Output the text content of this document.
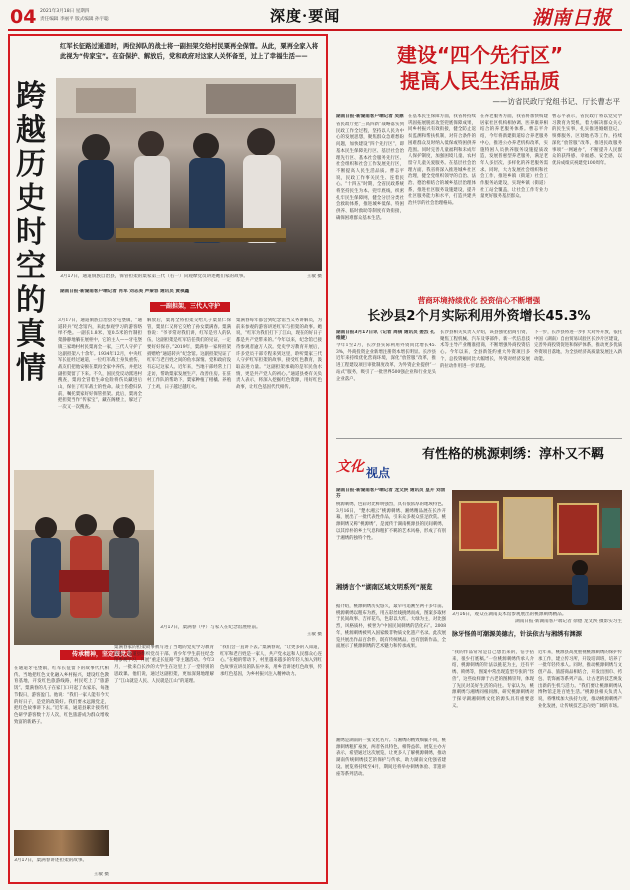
04 2021年3月18日 星期四
责任编辑 李丽平 版式编辑 孙宇聪	深度·要闻	湖南日报
红军长征路过通道时，两位掉队的战士将一副担架交给村民粟再全保管。从此，粟再全家入将此视为“传家宝”。在奋保护、解放后，党和政府对这家人关怀备至，过上了幸福生活——
跨越历史时空的真情
3月17日，通道侗族自治县，保管担架的粟家第三代（右一）向观摩党员讲述她们家的故事。	王敏 摄
湖南日报·新湖南客户端记者 肖军 刘志美 声秦容 通讯员 黄祺鑫
一副担架，三代人守护
3月17日，通道侗族自治县牙屯堡镇，“通道转兵”纪念馆内，来此参观学习的游客络绎不绝。一副长1.8米、宽0.5米的竹制担架静静地躺在展柜中，它的主人——牙屯堡镇三家坳村村民粟再全一家，三代人守护了这副担架八十余年。1934年12月，中央红军长征经过通道，一位红军战士身负重伤，战友们把他安顿在粟再全家中养伤，并把这副担架留了下来。不久，国民党反动派进村搜查，粟再全冒着生命危险将伤员藏进后山，保住了红军战士的性命。战士伤愈归队前，嘱托粟家好好保管担架。此后，粟再全把担架当作“传家宝”，藏在阁楼上，躲过了一次又一次搜查。
解放后，粟再全将担架交给儿子粟显仁保管，粟显仁又将它交给了孙女粟满春。粟满春说：“爷爷常对我们讲，红军是穷人的队伍，这副担架是红军信任我们的见证，一定要好好保存。”2019年，粟满春一家将担架捐赠给“通道转兵”纪念馆。这副担架见证了红军与老百姓之间的鱼水深情。党和政府没有忘记这家人。近年来，当地干部经常上门走访，帮助粟家发展生产、改善住房。在驻村工作队的帮助下，粟家种植了柑橘、养殖了土鸡，日子越过越红火。
粟满春每年都会到纪念馆当义务讲解员，为前来参观的游客讲述红军与担架的故事。她说，“红军为我们打下了江山，现在的好日子都是共产党带来的。”今年以来，纪念馆已接待参观者逾万人次。党史学习教育开展后，许多党员干部专程来到这里，聆听粟家三代人守护红军担架的故事，接受红色教育，汲取奋进力量。“这副担架承载的是军民鱼水情，更是共产党人的初心。”通道县委有关负责人表示，将深入挖掘红色资源，用好红色故事，让红色基因代代相传。
3月17日，粟满春（中）与家人在纪念馆展柜前。
王敏 摄
传承精神，坚定跟党走
在通道牙屯堡镇，红军长征留下的故事代代相传。当地把红色文化融入乡村振兴，建设红色教育基地，开发红色旅游线路，村民吃上了“旅游饭”。粟满春的儿子在家门口开起了农家乐，每逢节假日，游客盈门。他说：“我们一家人能有今天的好日子，是党的政策好。我们要永远跟党走，把红色故事讲下去。”近年来，通道县累计接待红色研学游客数十万人次，红色旅游成为群众增收致富的新路子。
粟满春家的担架故事被写进了当地的党史学习教育读本。通道县组织党员干部、青少年学生前往纪念馆参观学习，开展“重走长征路”等主题活动。今年3月，一批来自长沙的大学生在这里上了一堂特别的思政课。他们说，通过这副担架，更加深刻地理解了“江山就是人民、人民就是江山”的道理。
“我们会一直讲下去。”粟满春说，“让更多的人知道，红军和老百姓是一家人，共产党永远和人民群众心连心。”在她的带动下，村里越来越多的年轻人加入到红色故事宣讲员的队伍中来，用乡音讲述红色故事，传承红色基因，为乡村振兴注入精神动力。
3月17日，粟满春讲述担架的故事。
王敏 摄
建设“四个先行区”
提高人民生活品质
——访省民政厅党组书记、厅长曹志平
湖南日报·新湖南客户端记者 吴鼎
省民政厅把“三高四新”战略落实到民政工作全过程，坚持以人民为中心的发展思想，聚焦群众急难愁盼问题，加快建设“四个先行区”，即基本民生保障先行区、基层社会治理先行区、基本社会服务先行区、社会组织和社会工作发展先行区，不断提高人民生活品质。曹志平说，民政工作事关民生、连着民心。“十四五”时期，全省民政系统将坚持民生为本、兜牢底线，织密扎牢民生保障网，健全分层分类社会救助体系，推进城乡低保、特困供养、临时救助等制度有效衔接，确保困难群众基本生活。
在基本民生保障方面，我省将持续巩固拓展脱贫攻坚兜底保障成果，同乡村振兴有效衔接，健全防止返贫监测和帮扶机制，对符合条件的困难群众及时纳入低保或特困供养范围。同时完善儿童福利和未成年人保护制度，加强困境儿童、农村留守儿童关爱服务。在基层社会治理方面，我省将深入推进城乡社区治理，健全党组织领导的自治、法治、德治相结合的城乡基层治理体系，推进社区服务设施建设，提升社区服务能力和水平，打造共建共治共享的社会治理格局。
在养老服务方面，我省将加快构建居家社区机构相协调、医养康养相结合的养老服务体系。曹志平介绍，今年将新建街道综合养老服务中心，推进公办养老机构改革，实施特困人员供养服务设施提质改造，发展普惠型养老服务，满足老年人多层次、多样化的养老服务需求。同时，大力发展社会组织和社会工作，推进乡镇（街道）社会工作服务站建设，实现乡镇（街道）社工站全覆盖，让社会工作专业力量更好服务基层群众。
曹志平表示，省民政厅将以党史学习教育为契机，着力解决群众关心的民生实事，扎实推进婚姻登记、殡葬服务、区划地名等工作，持续深化“放管服”改革，推进民政服务事项“一网通办”，不断提升人民群众的获得感、幸福感、安全感，以优异成绩庆祝建党100周年。
营商环境持续优化 投资信心不断增强
长沙县2个月实际利用外资增长45.3%
湖南日报3月17日讯（记者 周倩 通讯员 姜烈 孔维婕）
今年1至2月，长沙县实际利用外资同比增长45.3%，外商投资企业新增注册资本增长明显。长沙县近年来持续优化营商环境，深化“放管服”改革，推进工程建设项目审批制度改革，为外资企业提供“一站式”服务，吸引了一批世界500强企业和行业龙头企业落户。
长沙县相关负责人介绍，该县强化招商引资，聚焦工程机械、汽车及零部件、新一代信息技术等主导产业精准招商，不断增强外商投资信心。今年以来，全县新签约重大外资项目多个，总投资额同比大幅增长，外资对经济发展的拉动作用进一步显现。
下一步，长沙县将进一步扩大对外开放，依托中国（湖南）自由贸易试验区长沙片区建设，完善外商投资促进和保护体系，推动更多优质外资项目落地，为全县经济高质量发展注入新动能。
文化 视点
有性格的桃源剌绣：淳朴又不羁
湖南日报·新湖南客户端记者 龙文泱 通讯员 皇开 刘清芬
桃源刺绣，色彩对比鲜明强烈，具有很浓厚的地域特色。3月16日，“楚水湘云”桃源刺绣、湘绣精品展在长沙开幕，展出了一批代表性作品，引来众多观众驻足欣赏。桃源刺绣又称“桃源绣”，是流传于湖南桃源县的民间刺绣，以其淳朴的乡土气息和粗犷不羁的艺术风格，形成了有别于湘绣的独特个性。
湘绣言个“湖南区域文明系列”展览
据介绍，桃源刺绣历史悠久，最早可追溯至两千多年前。桃源刺绣以粗布为底，用五彩丝线挑绣而成，图案多取材于民间故事、吉祥花鸟，色彩以大红、大绿为主，对比强烈，风格质朴，被誉为“中国民间刺绣的活化石”。2008年，桃源刺绣被列入国家级非物质文化遗产名录。此次展览共展出作品百余件，既有传统绣品，也有创新作品，全面展示了桃源刺绣的艺术魅力和传承成果。
湘绣是湖南的一张文化名片。与湘绣的精致细腻不同，桃源刺绣粗犷豪放，两者各具特色，相得益彰。展览主办方表示，希望通过这次展览，让更多人了解桃源刺绣，推动湖南传统刺绣技艺的保护与传承，助力湖南文化强省建设。展览将持续至4月，期间还将举办刺绣体验、非遗讲座等系列活动。
3月16日，观众在湖南美术馆参观展出的桃源刺绣精品。
湖南日报·新湖南客户端记者 徐德 龙文泱 摄影实习生
脉牙怪兽可潮源美德古，针法依古与湘绣有渊源
“我的作品常常是自己想出来的，信手拈来，很少打底稿。”一位桃源刺绣传承人介绍，桃源刺绣的针法以挑花为主，还有平绣、锁绣等，图案中常出现造型夸张的“怪兽”，这些纹样源于古老的图腾崇拜，体现了先民对美好生活的向往。专家认为，桃源刺绣与湘绣同根同源，研究桃源刺绣对于探寻湖湘刺绣文化的源头具有重要意义。
近年来，桃源县高度重视桃源刺绣的保护传承工作，建立传习所，开设培训班，培养了一批年轻传承人。同时，推动桃源刺绣与文创产品、旅游商品相结合，开发出围巾、挎包、装饰画等系列产品，让古老的技艺焕发出新的生机与活力。“我们要让桃源刺绣从博物馆走进百姓生活。”桃源县相关负责人说，将继续加大扶持力度，推动桃源刺绣产业化发展，让传统技艺走向更广阔的市场。
